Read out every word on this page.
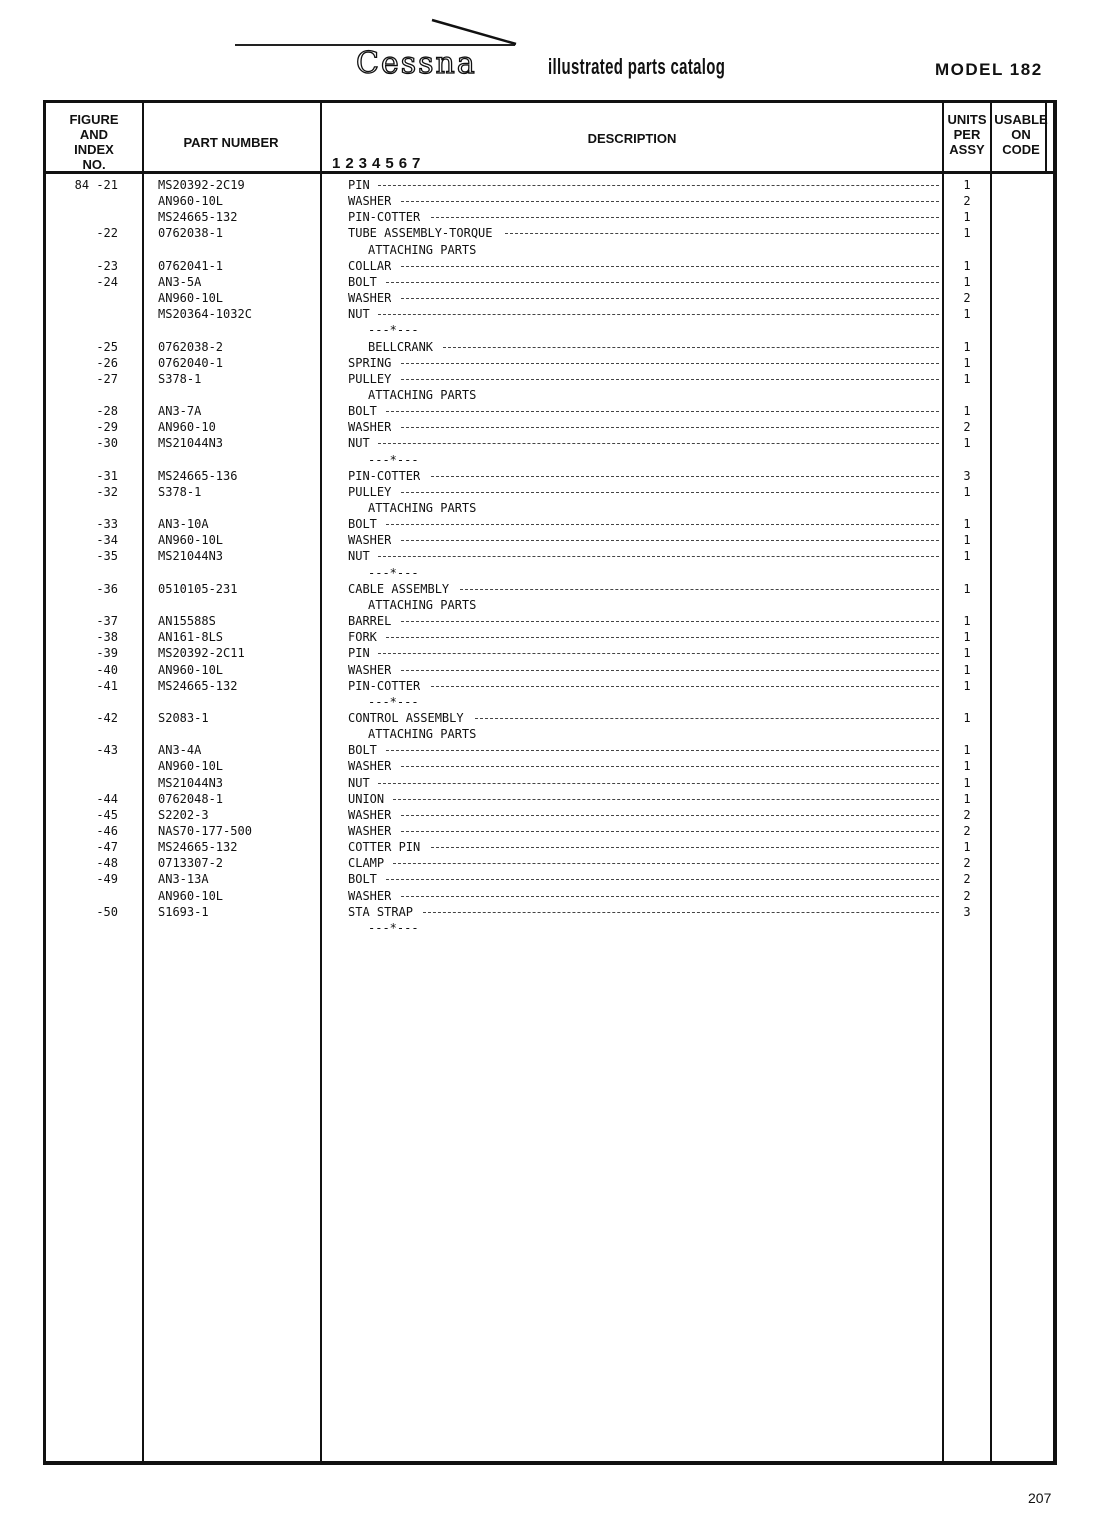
Cessna	illustrated parts catalog	MODEL 182
FIGURE
AND
INDEX
NO.
PART NUMBER	DESCRIPTION
1234567
UNITS
PER
ASSY
USABLE
ON
CODE
84 -21	MS20392-2C19	PIN	1
AN960-10L	WASHER	2
MS24665-132	PIN-COTTER	1
-22	0762038-1	TUBE ASSEMBLY-TORQUE	1
ATTACHING PARTS
-23	0762041-1	COLLAR	1
-24	AN3-5A	BOLT	1
AN960-10L	WASHER	2
MS20364-1032C	NUT	1
---*---
-25	0762038-2	BELLCRANK	1
-26	0762040-1	SPRING	1
-27	S378-1	PULLEY	1
ATTACHING PARTS
-28	AN3-7A	BOLT	1
-29	AN960-10	WASHER	2
-30	MS21044N3	NUT	1
---*---
-31	MS24665-136	PIN-COTTER	3
-32	S378-1	PULLEY	1
ATTACHING PARTS
-33	AN3-10A	BOLT	1
-34	AN960-10L	WASHER	1
-35	MS21044N3	NUT	1
---*---
-36	0510105-231	CABLE ASSEMBLY	1
ATTACHING PARTS
-37	AN15588S	BARREL	1
-38	AN161-8LS	FORK	1
-39	MS20392-2C11	PIN	1
-40	AN960-10L	WASHER	1
-41	MS24665-132	PIN-COTTER	1
---*---
-42	S2083-1	CONTROL ASSEMBLY	1
ATTACHING PARTS
-43	AN3-4A	BOLT	1
AN960-10L	WASHER	1
MS21044N3	NUT	1
-44	0762048-1	UNION	1
-45	S2202-3	WASHER	2
-46	NAS70-177-500	WASHER	2
-47	MS24665-132	COTTER PIN	1
-48	0713307-2	CLAMP	2
-49	AN3-13A	BOLT	2
AN960-10L	WASHER	2
-50	S1693-1	STA STRAP	3
---*---
207
